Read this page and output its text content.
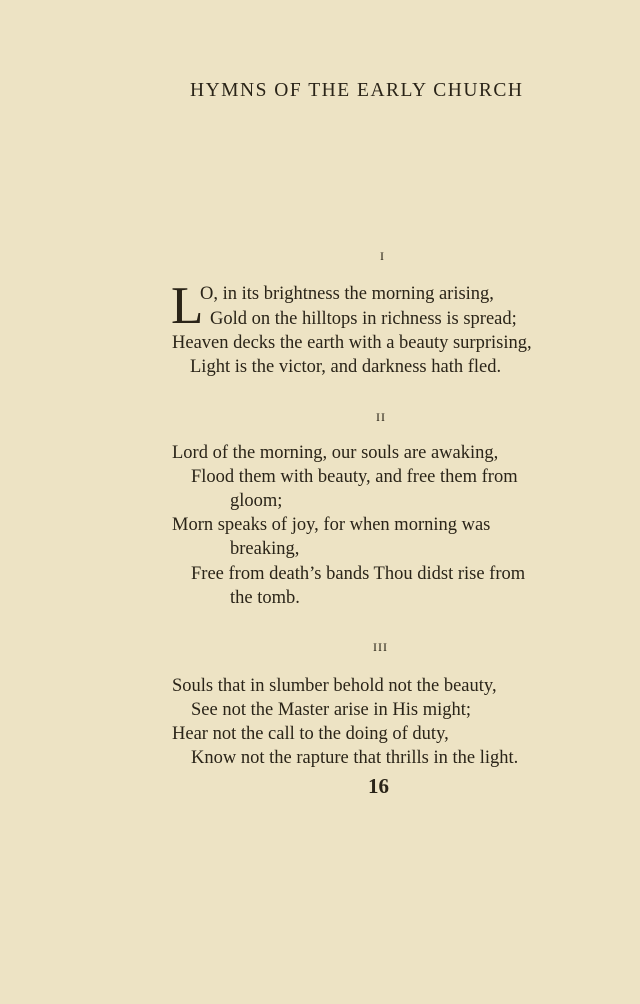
HYMNS OF THE EARLY CHURCH
I
L
O, in its brightness the morning arising,
Gold on the hilltops in richness is spread;
Heaven decks the earth with a beauty surprising,
Light is the victor, and darkness hath fled.
II
Lord of the morning, our souls are awaking,
Flood them with beauty, and free them from
gloom;
Morn speaks of joy, for when morning was
breaking,
Free from death’s bands Thou didst rise from
the tomb.
III
Souls that in slumber behold not the beauty,
See not the Master arise in His might;
Hear not the call to the doing of duty,
Know not the rapture that thrills in the light.
16
